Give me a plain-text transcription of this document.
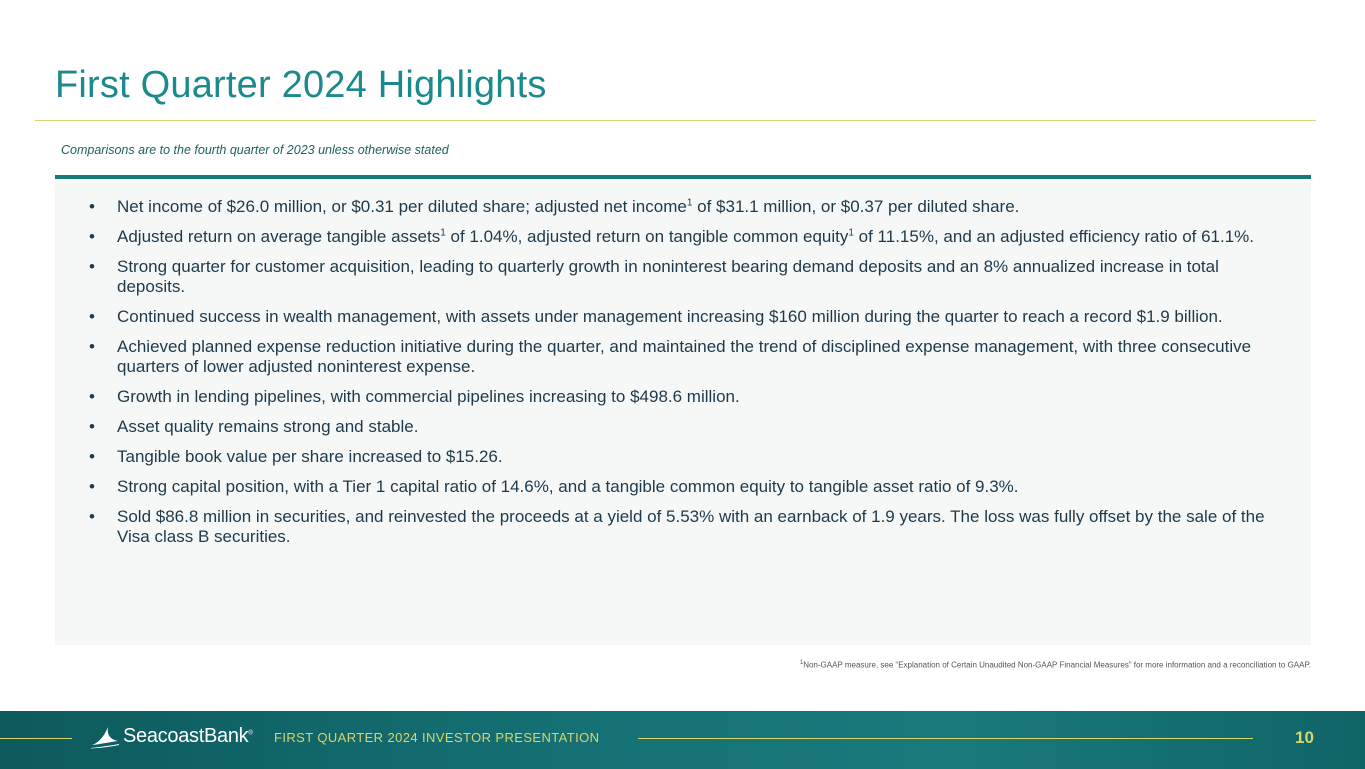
First Quarter 2024 Highlights
Comparisons are to the fourth quarter of 2023 unless otherwise stated
• Net income of $26.0 million, or $0.31 per diluted share; adjusted net income$^1$ of $31.1 million, or $0.37 per diluted share.
• Adjusted return on average tangible assets$^1$ of 1.04%, adjusted return on tangible common equity$^1$ of 11.15%, and an adjusted efficiency ratio of 61.1%.
• Strong quarter for customer acquisition, leading to quarterly growth in noninterest bearing demand deposits and an 8% annualized increase in total deposits.
• Continued success in wealth management, with assets under management increasing $160 million during the quarter to reach a record $1.9 billion.
• Achieved planned expense reduction initiative during the quarter, and maintained the trend of disciplined expense management, with three consecutive quarters of lower adjusted noninterest expense.
• Growth in lending pipelines, with commercial pipelines increasing to $498.6 million.
• Asset quality remains strong and stable.
• Tangible book value per share increased to $15.26.
• Strong capital position, with a Tier 1 capital ratio of 14.6%, and a tangible common equity to tangible asset ratio of 9.3%.
• Sold $86.8 million in securities, and reinvested the proceeds at a yield of 5.53% with an earnback of 1.9 years. The loss was fully offset by the sale of the Visa class B securities.
$^1$Non-GAAP measure, see “Explanation of Certain Unaudited Non-GAAP Financial Measures” for more information and a reconciliation to GAAP.
SeacoastBank® FIRST QUARTER 2024 INVESTOR PRESENTATION	10
